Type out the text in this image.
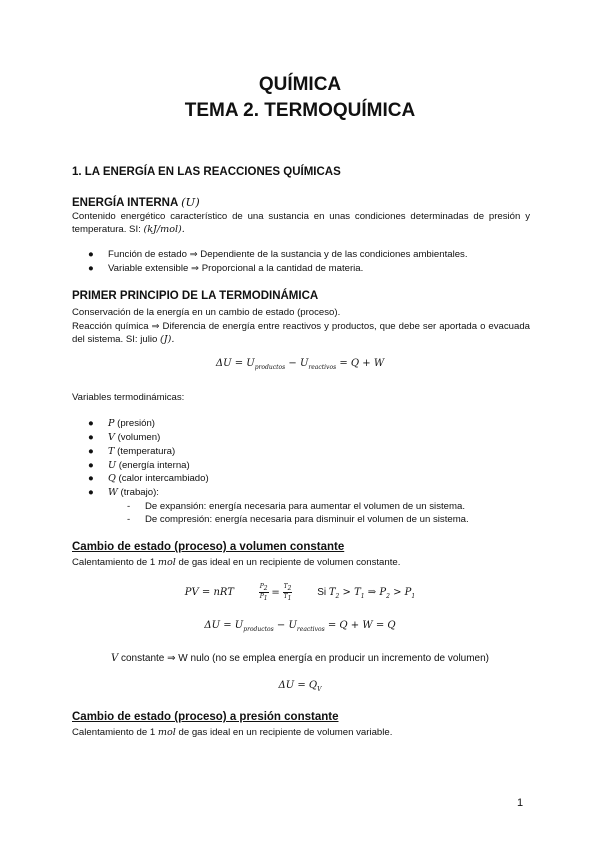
QUÍMICA
TEMA 2. TERMOQUÍMICA
1. LA ENERGÍA EN LAS REACCIONES QUÍMICAS
ENERGÍA INTERNA (U)
Contenido energético característico de una sustancia en unas condiciones determinadas de presión y temperatura. SI: (kJ/mol).
● Función de estado ⇒ Dependiente de la sustancia y de las condiciones ambientales.
● Variable extensible ⇒ Proporcional a la cantidad de materia.
PRIMER PRINCIPIO DE LA TERMODINÁMICA
Conservación de la energía en un cambio de estado (proceso).
Reacción química ⇒ Diferencia de energía entre reactivos y productos, que debe ser aportada o evacuada del sistema. SI: julio (J).
$\Delta U = U_{productos} - U_{reactivos} = Q + W$
Variables termodinámicas:
● P (presión)
● V (volumen)
● T (temperatura)
● U (energía interna)
● Q (calor intercambiado)
● W (trabajo):
- De expansión: energía necesaria para aumentar el volumen de un sistema.
- De compresión: energía necesaria para disminuir el volumen de un sistema.
Cambio de estado (proceso) a volumen constante
Calentamiento de 1 mol de gas ideal en un recipiente de volumen constante.
PV = nRT	$\frac{P_2}{P_1} = \frac{T_2}{T_1}$ Si $T_2 > T_1$ ⇒ $P_2 > P_1$
$\Delta U = U_{productos} - U_{reactivos} = Q + W = Q$
V constante ⇒ W nulo (no se emplea energía en producir un incremento de volumen)
$\Delta U = Q_V$
Cambio de estado (proceso) a presión constante
Calentamiento de 1 mol de gas ideal en un recipiente de volumen variable.
1
